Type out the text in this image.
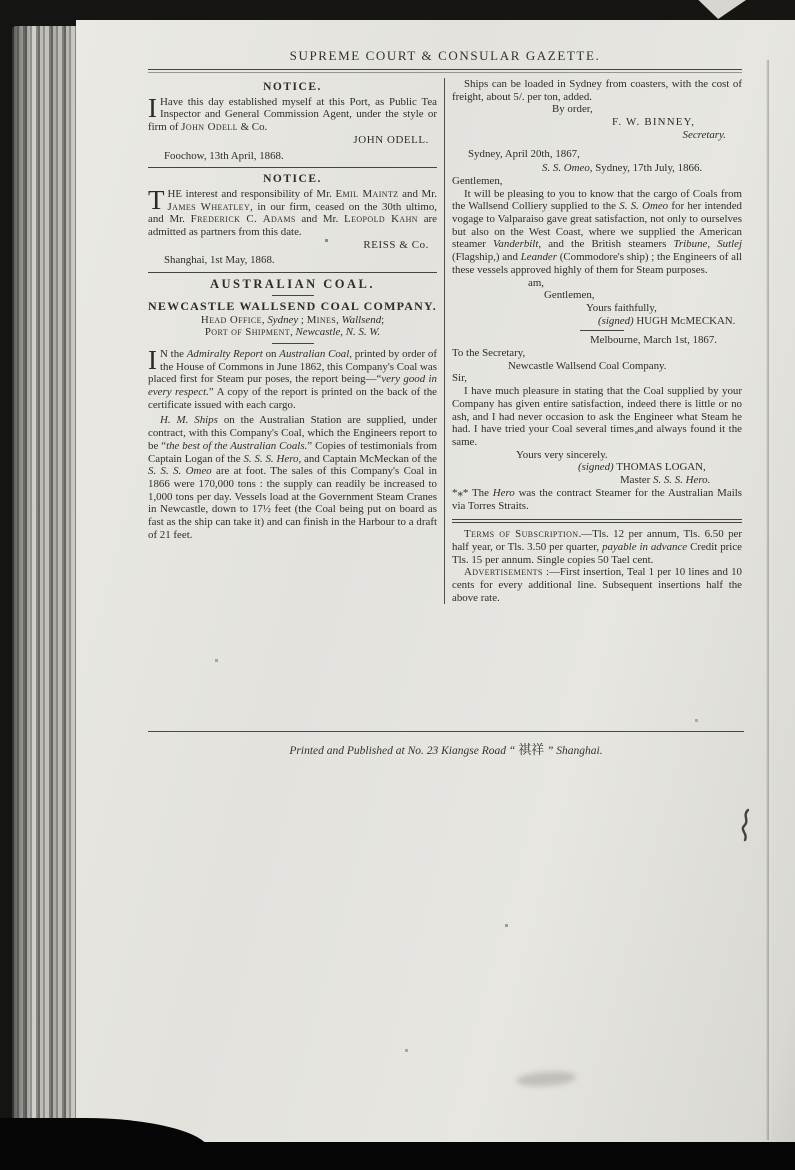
SUPREME COURT & CONSULAR GAZETTE.
NOTICE.

I Have this day established myself at this Port, as Public Tea Inspector and General Commission Agent, under the style or firm of John Odell & Co.

JOHN ODELL.

Foochow, 13th April, 1868.

NOTICE.

THE interest and responsibility of Mr. Emil Maintz and Mr. James Wheatley, in our firm, ceased on the 30th ultimo, and Mr. Frederick C. Adams and Mr. Leopold Kahn are admitted as partners from this date.

REISS & Co.

Shanghai, 1st May, 1868.

AUSTRALIAN COAL.
NEWCASTLE WALLSEND COAL COMPANY.

Head Office, Sydney ; Mines, Wallsend;

Port of Shipment, Newcastle, N. S. W.

I N the Admiralty Report on Australian Coal, printed by order of the House of Commons in June 1862, this Company's Coal was placed first for Steam pur poses, the report being—“very good in every respect.” A copy of the report is printed on the back of the certificate issued with each cargo.

H. M. Ships on the Australian Station are supplied, under contract, with this Company's Coal, which the Engineers report to be “the best of the Australian Coals.” Copies of testimonials from Captain Logan of the S. S. S. Hero, and Captain McMeckan of the S. S. S. Omeo are at foot. The sales of this Company's Coal in 1866 were 170,000 tons : the supply can readily be increased to 1,000 tons per day. Vessels load at the Government Steam Cranes in Newcastle, down to 17½ feet (the Coal being put on board as fast as the ship can take it) and can finish in the Harbour to a draft of 21 feet.

Ships can be loaded in Sydney from coasters, with the cost of freight, about 5/. per ton, added.

By order,

F. W. BINNEY,

Secretary.

Sydney, April 20th, 1867,

S. S. Omeo, Sydney, 17th July, 1866.

Gentlemen,

It will be pleasing to you to know that the cargo of Coals from the Wallsend Colliery supplied to the S. S. Omeo for her intended vogage to Valparaiso gave great satisfaction, not only to ourselves but also on the West Coast, where we supplied the American steamer Vanderbilt, and the British steamers Tribune, Sutlej (Flagship,) and Leander (Commodore's ship) ; the Engineers of all these vessels approved highly of them for Steam purposes.

am,

Gentlemen,

Yours faithfully,

(signed) HUGH MᴄMECKAN.

Melbourne, March 1st, 1867.

To the Secretary,

Newcastle Wallsend Coal Company.

Sir,

I have much pleasure in stating that the Coal supplied by your Company has given entire satisfaction, indeed there is little or no ash, and I had never occasion to ask the Engineer what Steam he had. I have tried your Coal several times and always found it the same.

Yours very sincerely.

(signed) THOMAS LOGAN,

Master S. S. S. Hero.

*⁎* The Hero was the contract Steamer for the Australian Mails via Torres Straits.

Terms of Subscription.—Tls. 12 per annum, Tls. 6.50 per half year, or Tls. 3.50 per quarter, payable in advance Credit price Tls. 15 per annum. Single copies 50 Tael cent.

Advertisements :—First insertion, Teal 1 per 10 lines and 10 cents for every additional line. Subsequent insertions half the above rate.

Printed and Published at No. 23 Kiangse Road “ 祺祥 ” Shanghai.
